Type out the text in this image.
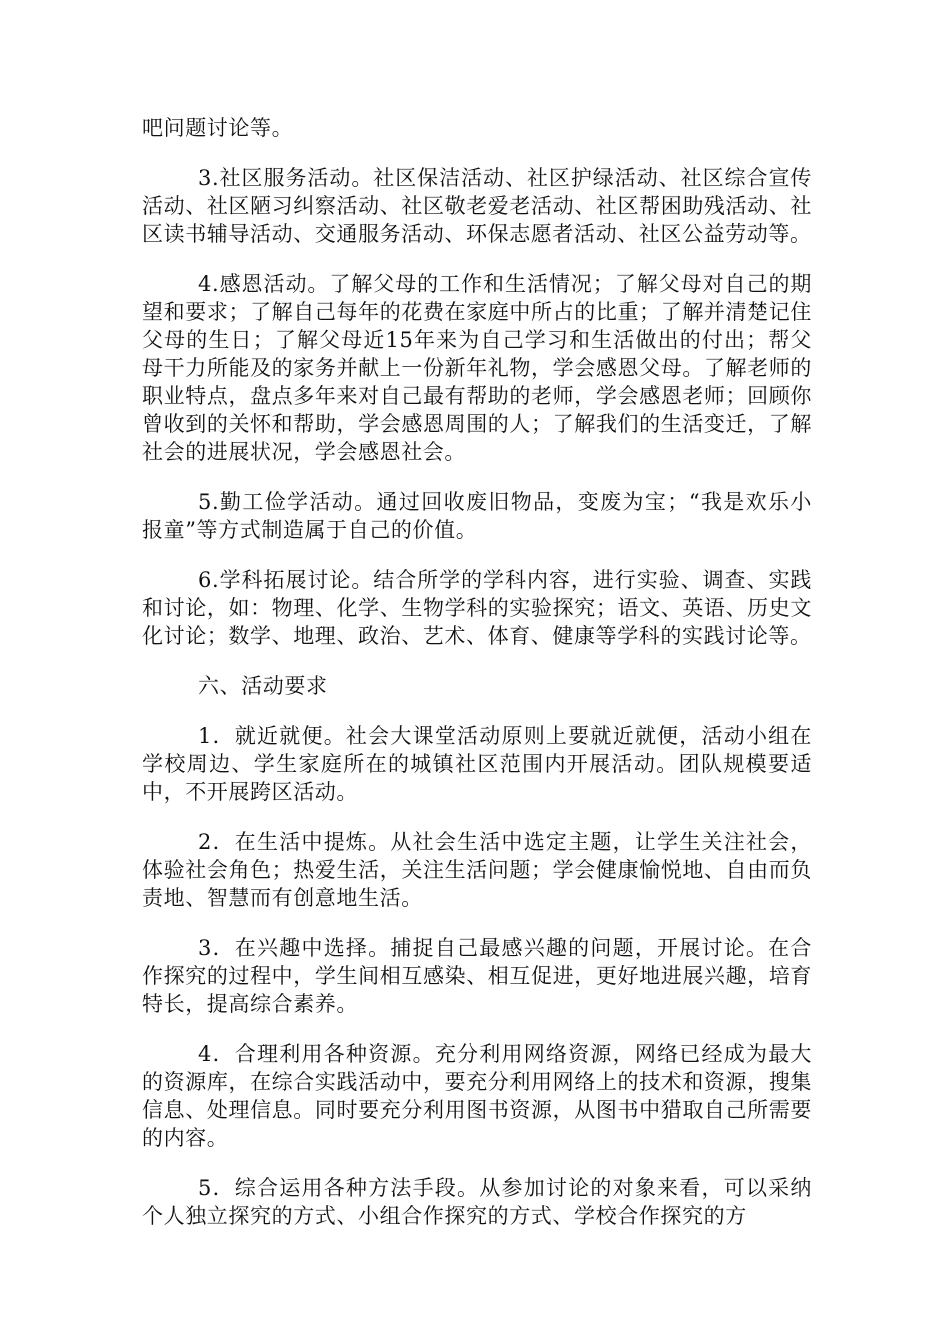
吧问题讨论等。

3.社区服务活动。社区保洁活动、社区护绿活动、社区综合宣传活动、社区陋习纠察活动、社区敬老爱老活动、社区帮困助残活动、社区读书辅导活动、交通服务活动、环保志愿者活动、社区公益劳动等。

4.感恩活动。了解父母的工作和生活情况；了解父母对自己的期望和要求；了解自己每年的花费在家庭中所占的比重；了解并清楚记住父母的生日；了解父母近15年来为自己学习和生活做出的付出；帮父母干力所能及的家务并献上一份新年礼物，学会感恩父母。了解老师的职业特点，盘点多年来对自己最有帮助的老师，学会感恩老师；回顾你曾收到的关怀和帮助，学会感恩周围的人；了解我们的生活变迁，了解社会的进展状况，学会感恩社会。

5.勤工俭学活动。通过回收废旧物品，变废为宝；“我是欢乐小报童”等方式制造属于自己的价值。

6.学科拓展讨论。结合所学的学科内容，进行实验、调查、实践和讨论，如：物理、化学、生物学科的实验探究；语文、英语、历史文化讨论；数学、地理、政治、艺术、体育、健康等学科的实践讨论等。

六、活动要求

1．就近就便。社会大课堂活动原则上要就近就便，活动小组在学校周边、学生家庭所在的城镇社区范围内开展活动。团队规模要适中，不开展跨区活动。

2．在生活中提炼。从社会生活中选定主题，让学生关注社会，体验社会角色；热爱生活，关注生活问题；学会健康愉悦地、自由而负责地、智慧而有创意地生活。

3．在兴趣中选择。捕捉自己最感兴趣的问题，开展讨论。在合作探究的过程中，学生间相互感染、相互促进，更好地进展兴趣，培育特长，提高综合素养。

4．合理利用各种资源。充分利用网络资源，网络已经成为最大的资源库，在综合实践活动中，要充分利用网络上的技术和资源，搜集信息、处理信息。同时要充分利用图书资源，从图书中猎取自己所需要的内容。

5．综合运用各种方法手段。从参加讨论的对象来看，可以采纳个人独立探究的方式、小组合作探究的方式、学校合作探究的方
